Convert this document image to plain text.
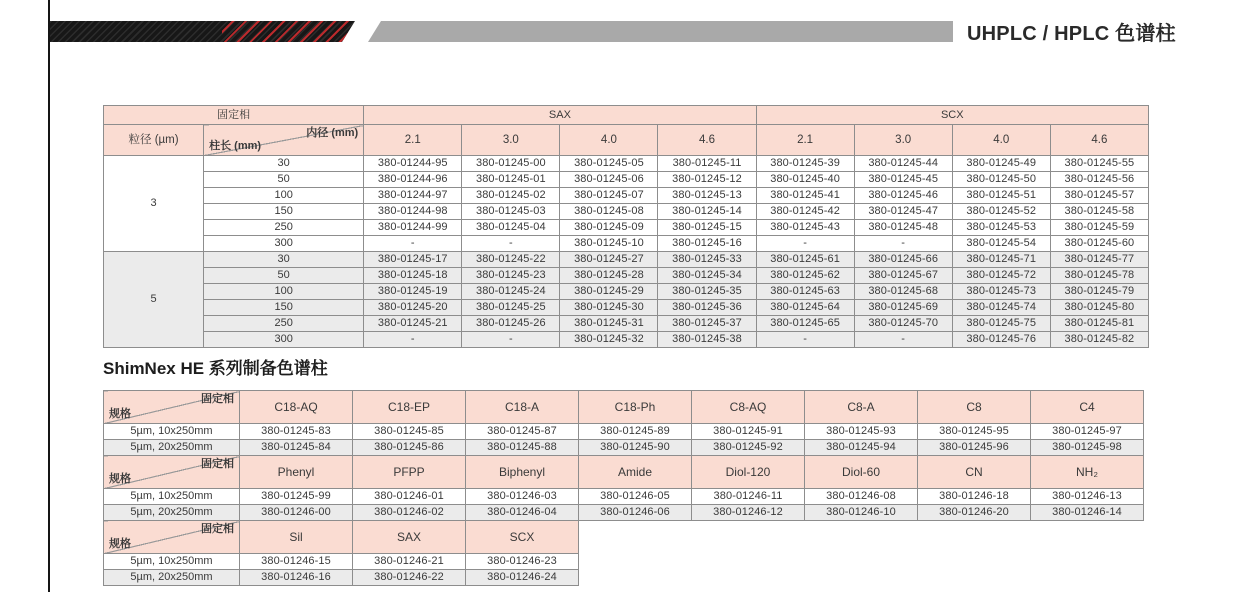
UHPLC / HPLC 色谱柱
固定相		SAX				SCX			
粒径 (µm)	内径 (mm)
柱长 (mm)	2.1	3.0	4.0	4.6	2.1	3.0	4.0	4.6
3	30	380-01244-95	380-01245-00	380-01245-05	380-01245-11	380-01245-39	380-01245-44	380-01245-49	380-01245-55
	50	380-01244-96	380-01245-01	380-01245-06	380-01245-12	380-01245-40	380-01245-45	380-01245-50	380-01245-56
	100	380-01244-97	380-01245-02	380-01245-07	380-01245-13	380-01245-41	380-01245-46	380-01245-51	380-01245-57
	150	380-01244-98	380-01245-03	380-01245-08	380-01245-14	380-01245-42	380-01245-47	380-01245-52	380-01245-58
	250	380-01244-99	380-01245-04	380-01245-09	380-01245-15	380-01245-43	380-01245-48	380-01245-53	380-01245-59
	300	-	-	380-01245-10	380-01245-16	-	-	380-01245-54	380-01245-60
5	30	380-01245-17	380-01245-22	380-01245-27	380-01245-33	380-01245-61	380-01245-66	380-01245-71	380-01245-77
	50	380-01245-18	380-01245-23	380-01245-28	380-01245-34	380-01245-62	380-01245-67	380-01245-72	380-01245-78
	100	380-01245-19	380-01245-24	380-01245-29	380-01245-35	380-01245-63	380-01245-68	380-01245-73	380-01245-79
	150	380-01245-20	380-01245-25	380-01245-30	380-01245-36	380-01245-64	380-01245-69	380-01245-74	380-01245-80
	250	380-01245-21	380-01245-26	380-01245-31	380-01245-37	380-01245-65	380-01245-70	380-01245-75	380-01245-81
	300	-	-	380-01245-32	380-01245-38	-	-	380-01245-76	380-01245-82
ShimNex HE 系列制备色谱柱
固定相
规格	C18-AQ	C18-EP	C18-A	C18-Ph	C8-AQ	C8-A	C8	C4
5µm, 10x250mm	380-01245-83	380-01245-85	380-01245-87	380-01245-89	380-01245-91	380-01245-93	380-01245-95	380-01245-97
5µm, 20x250mm	380-01245-84	380-01245-86	380-01245-88	380-01245-90	380-01245-92	380-01245-94	380-01245-96	380-01245-98
固定相
规格	Phenyl	PFPP	Biphenyl	Amide	Diol-120	Diol-60	CN	NH₂
5µm, 10x250mm	380-01245-99	380-01246-01	380-01246-03	380-01246-05	380-01246-11	380-01246-08	380-01246-18	380-01246-13
5µm, 20x250mm	380-01246-00	380-01246-02	380-01246-04	380-01246-06	380-01246-12	380-01246-10	380-01246-20	380-01246-14
固定相
规格	Sil	SAX	SCX
5µm, 10x250mm	380-01246-15	380-01246-21	380-01246-23
5µm, 20x250mm	380-01246-16	380-01246-22	380-01246-24
